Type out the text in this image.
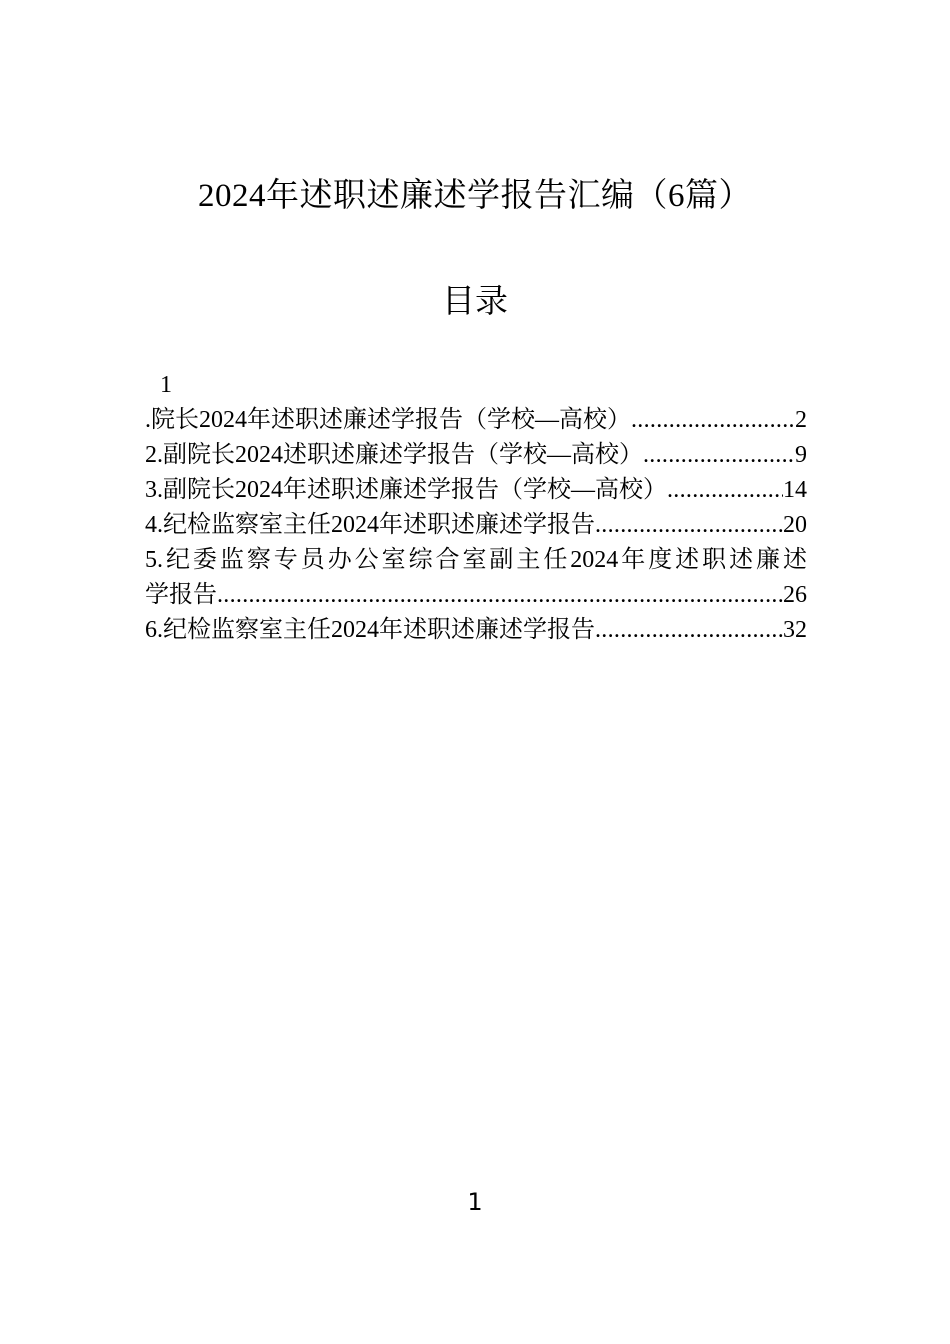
2024年述职述廉述学报告汇编（6篇）
目录
1
.院长2024年述职述廉述学报告（学校—高校） .....	2
2.副院长2024述职述廉述学报告（学校—高校） .....	9
3.副院长2024年述职述廉述学报告（学校—高校） .....	14
4.纪检监察室主任2024年述职述廉述学报告 .....	20
5.纪委监察专员办公室综合室副主任2024年度述职述廉述
学报告 .....	26
6.纪检监察室主任2024年述职述廉述学报告 .....	32
1
